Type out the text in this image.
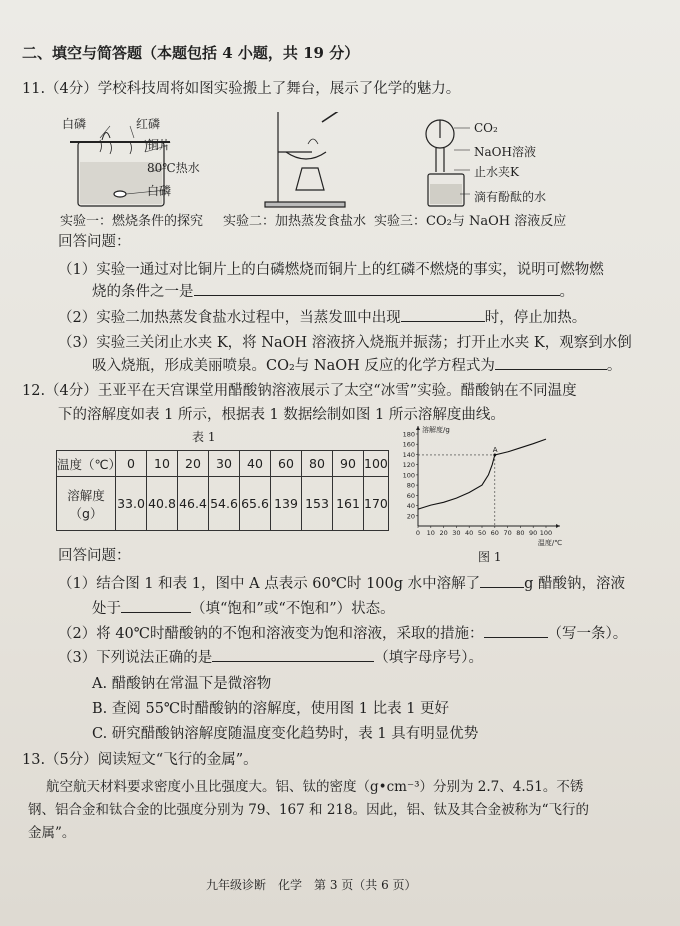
二、填空与简答题（本题包括 4 小题，共 19 分）
11.（4分）学校科技周将如图实验搬上了舞台，展示了化学的魅力。
白磷	红磷
铜片
80℃热水
白磷
CO₂
NaOH溶液
止水夹K
滴有酚酞的水
实验一：燃烧条件的探究 实验二：加热蒸发食盐水 实验三：CO₂与 NaOH 溶液反应
回答问题：
（1）实验一通过对比铜片上的白磷燃烧而铜片上的红磷不燃烧的事实，说明可燃物燃
烧的条件之一是	。
（2）实验二加热蒸发食盐水过程中，当蒸发皿中出现	时，停止加热。
（3）实验三关闭止水夹 K，将 NaOH 溶液挤入烧瓶并振荡；打开止水夹 K，观察到水倒
吸入烧瓶，形成美丽喷泉。CO₂与 NaOH 反应的化学方程式为	。
12.（4分）王亚平在天宫课堂用醋酸钠溶液展示了太空“冰雪”实验。醋酸钠在不同温度
下的溶解度如表 1 所示，根据表 1 数据绘制如图 1 所示溶解度曲线。
表 1
温度（℃）	0	10	20	30	40	60	80	90	100
溶解度
（g）	33.0	40.8	46.4	54.6	65.6	139	153	161	170
20
40
60
80
100
120
140
160
180
0 10 20 30 40 50 60 70 80 90 100
溶解度/g
温度/℃
A
图 1
回答问题：
（1）结合图 1 和表 1，图中 A 点表示 60℃时 100g 水中溶解了	g 醋酸钠，溶液
处于	（填“饱和”或“不饱和”）状态。
（2）将 40℃时醋酸钠的不饱和溶液变为饱和溶液，采取的措施：	（写一条）。
（3）下列说法正确的是	（填字母序号）。
A. 醋酸钠在常温下是微溶物
B. 查阅 55℃时醋酸钠的溶解度，使用图 1 比表 1 更好
C. 研究醋酸钠溶解度随温度变化趋势时，表 1 具有明显优势
13.（5分）阅读短文“飞行的金属”。
航空航天材料要求密度小且比强度大。铝、钛的密度（g•cm⁻³）分别为 2.7、4.51。不锈
钢、铝合金和钛合金的比强度分别为 79、167 和 218。因此，铝、钛及其合金被称为“飞行的
金属”。
九年级诊断　化学　第 3 页（共 6 页）
